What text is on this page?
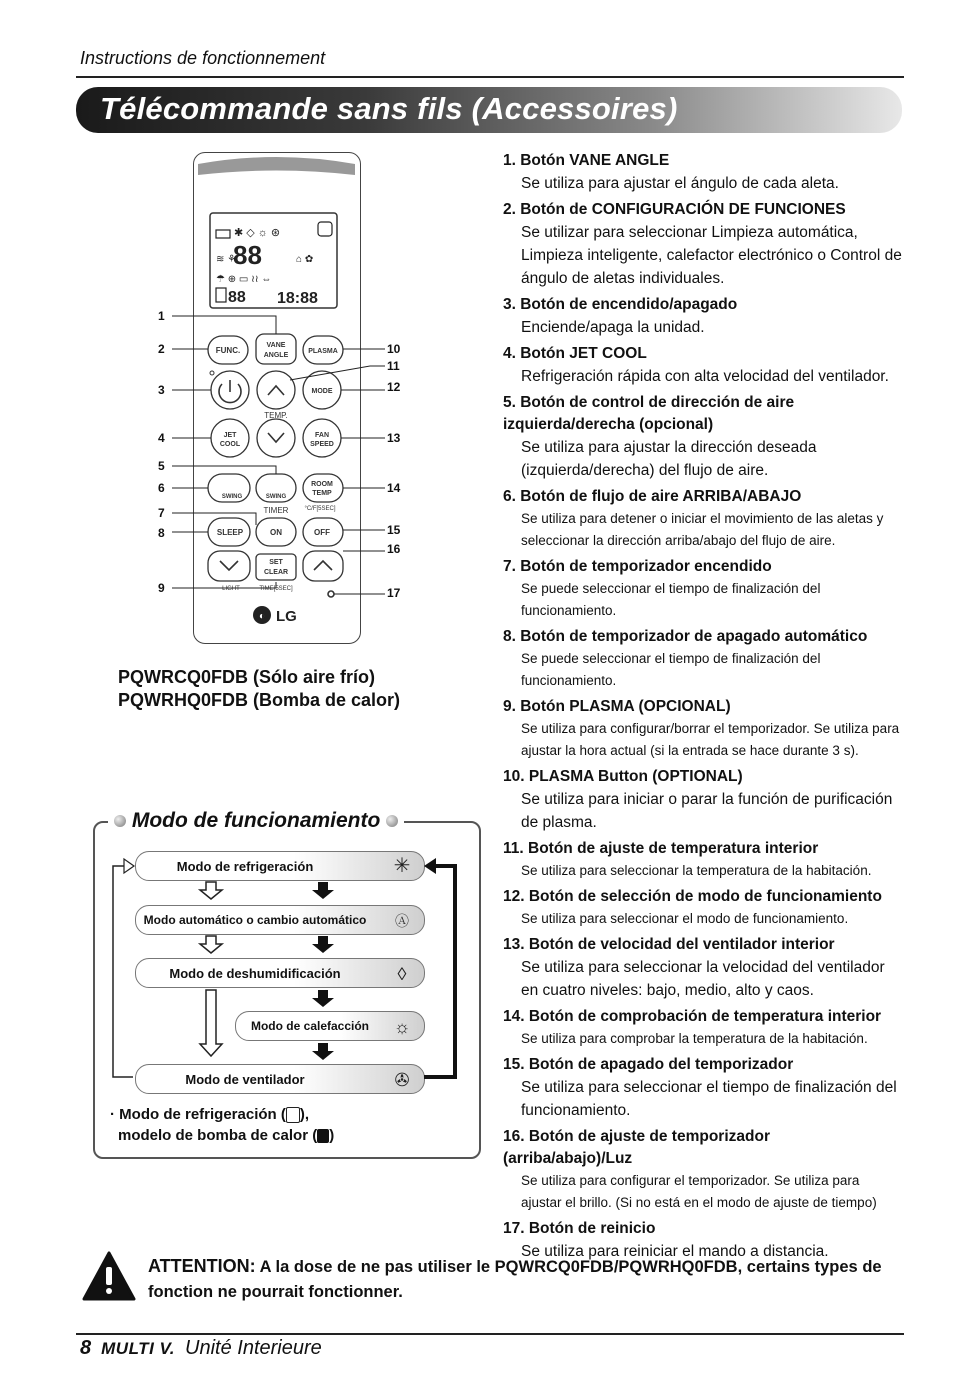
Instructions de fonctionnement
Télécommande sans fils (Accessoires)
✱ ◇ ☼ ⊛
88
≋ ⚘	⌂ ✿
☂ ⊕ ▭ ≀≀ ⇔
88 18:88
FUNC.
VANE
ANGLE
PLASMA
MODE
TEMP.
JET
COOL
FAN
SPEED
SWING	SWING
ROOM
TEMP
°C/F[5SEC]
TIMER
SLEEP	ON	OFF
SET
CLEAR
LIGHT	TIME[5SEC]
◐ LG
1
2
3
4
5
6
7
8
9
10
11
12
13
14
15
16
17
PQWRCQ0FDB (Sólo aire frío)
PQWRHQ0FDB (Bomba de calor)
Modo de funcionamiento
Modo de refrigeración
Modo automático o cambio automático
Modo de deshumidificación
Modo de calefacción
Modo de ventilador
✳
Ⓐ
◊
☼
✇
· Modo de refrigeración ( ),
modelo de bomba de calor ( )
1. Botón VANE ANGLE
Se utiliza para ajustar el ángulo de cada aleta.
2. Botón de CONFIGURACIÓN DE FUNCIONES
Se utilizar para seleccionar Limpieza automática, Limpieza inteligente, calefactor electrónico o Control de ángulo de aletas individuales.
3. Botón de encendido/apagado
Enciende/apaga la unidad.
4. Botón JET COOL
Refrigeración rápida con alta velocidad del ventilador.
5. Botón de control de dirección de aire izquierda/derecha (opcional)
Se utiliza para ajustar la dirección deseada (izquierda/derecha) del flujo de aire.
6. Botón de flujo de aire ARRIBA/ABAJO
Se utiliza para detener o iniciar el movimiento de las aletas y seleccionar la dirección arriba/abajo del flujo de aire.
7. Botón de temporizador encendido
Se puede seleccionar el tiempo de finalización del funcionamiento.
8. Botón de temporizador de apagado automático
Se puede seleccionar el tiempo de finalización del funcionamiento.
9. Botón PLASMA (OPCIONAL)
Se utiliza para configurar/borrar el temporizador. Se utiliza para ajustar la hora actual (si la entrada se hace durante 3 s).
10. PLASMA Button (OPTIONAL)
Se utiliza para iniciar o parar la función de purificación de plasma.
11. Botón de ajuste de temperatura interior
Se utiliza para seleccionar la temperatura de la habitación.
12. Botón de selección de modo de funcionamiento
Se utiliza para seleccionar el modo de funcionamiento.
13. Botón de velocidad del ventilador interior
Se utiliza para seleccionar la velocidad del ventilador en cuatro niveles: bajo, medio, alto y caos.
14. Botón de comprobación de temperatura interior
Se utiliza para comprobar la temperatura de la habitación.
15. Botón de apagado del temporizador
Se utiliza para seleccionar el tiempo de finalización del funcionamiento.
16. Botón de ajuste de temporizador (arriba/abajo)/Luz
Se utiliza para configurar el temporizador. Se utiliza para ajustar el brillo. (Si no está en el modo de ajuste de tiempo)
17. Botón de reinicio
Se utiliza para reiniciar el mando a distancia.
ATTENTION: A la dose de ne pas utiliser le PQWRCQ0FDB/PQWRHQ0FDB, certains types de fonction ne pourrait fonctionner.
8 MULTI V. Unité Interieure
